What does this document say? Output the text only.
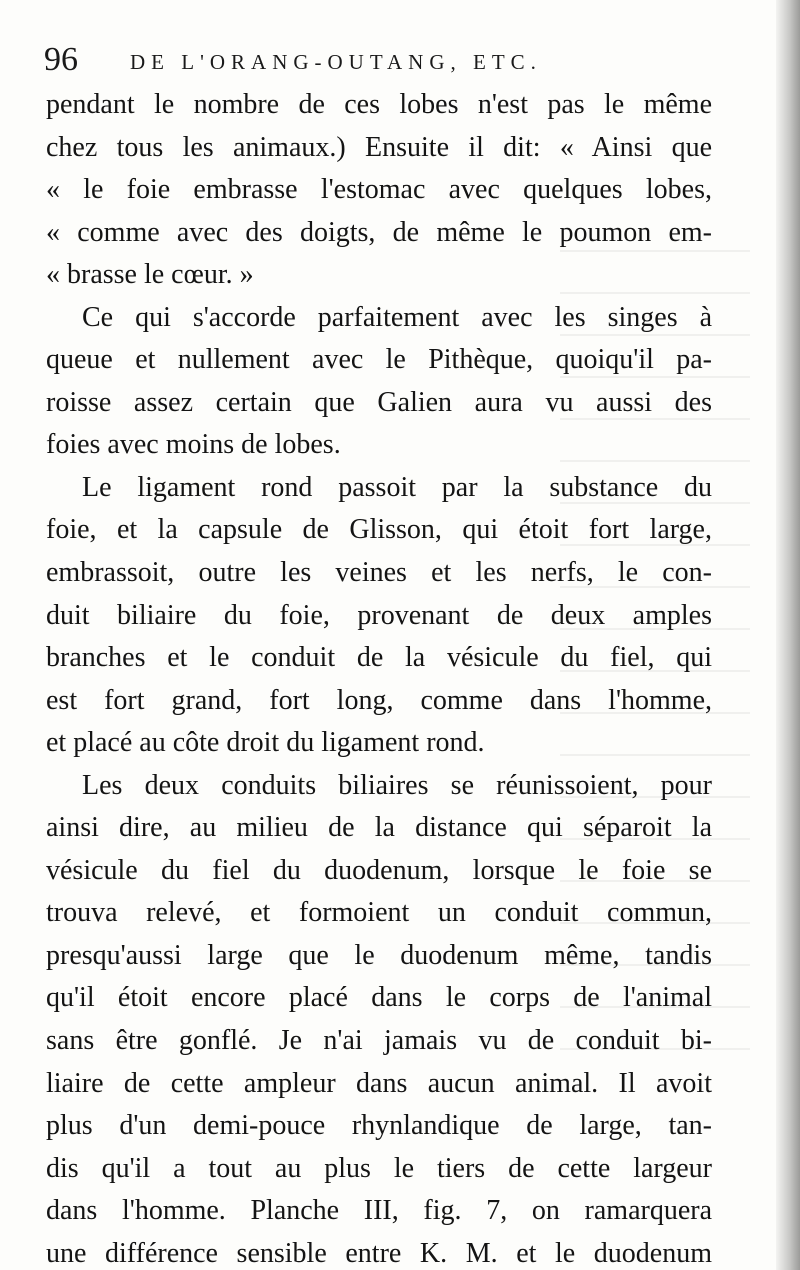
96 DE L'ORANG-OUTANG, ETC.
pendant le nombre de ces lobes n'est pas le même
chez tous les animaux.) Ensuite il dit: « Ainsi que
« le foie embrasse l'estomac avec quelques lobes,
« comme avec des doigts, de même le poumon em-
« brasse le cœur. »
Ce qui s'accorde parfaitement avec les singes à
queue et nullement avec le Pithèque, quoiqu'il pa-
roisse assez certain que Galien aura vu aussi des
foies avec moins de lobes.
Le ligament rond passoit par la substance du
foie, et la capsule de Glisson, qui étoit fort large,
embrassoit, outre les veines et les nerfs, le con-
duit biliaire du foie, provenant de deux amples
branches et le conduit de la vésicule du fiel, qui
est fort grand, fort long, comme dans l'homme,
et placé au côte droit du ligament rond.
Les deux conduits biliaires se réunissoient, pour
ainsi dire, au milieu de la distance qui séparoit la
vésicule du fiel du duodenum, lorsque le foie se
trouva relevé, et formoient un conduit commun,
presqu'aussi large que le duodenum même, tandis
qu'il étoit encore placé dans le corps de l'animal
sans être gonflé. Je n'ai jamais vu de conduit bi-
liaire de cette ampleur dans aucun animal. Il avoit
plus d'un demi-pouce rhynlandique de large, tan-
dis qu'il a tout au plus le tiers de cette largeur
dans l'homme. Planche III, fig. 7, on ramarquera
une différence sensible entre K. M. et le duodenum
